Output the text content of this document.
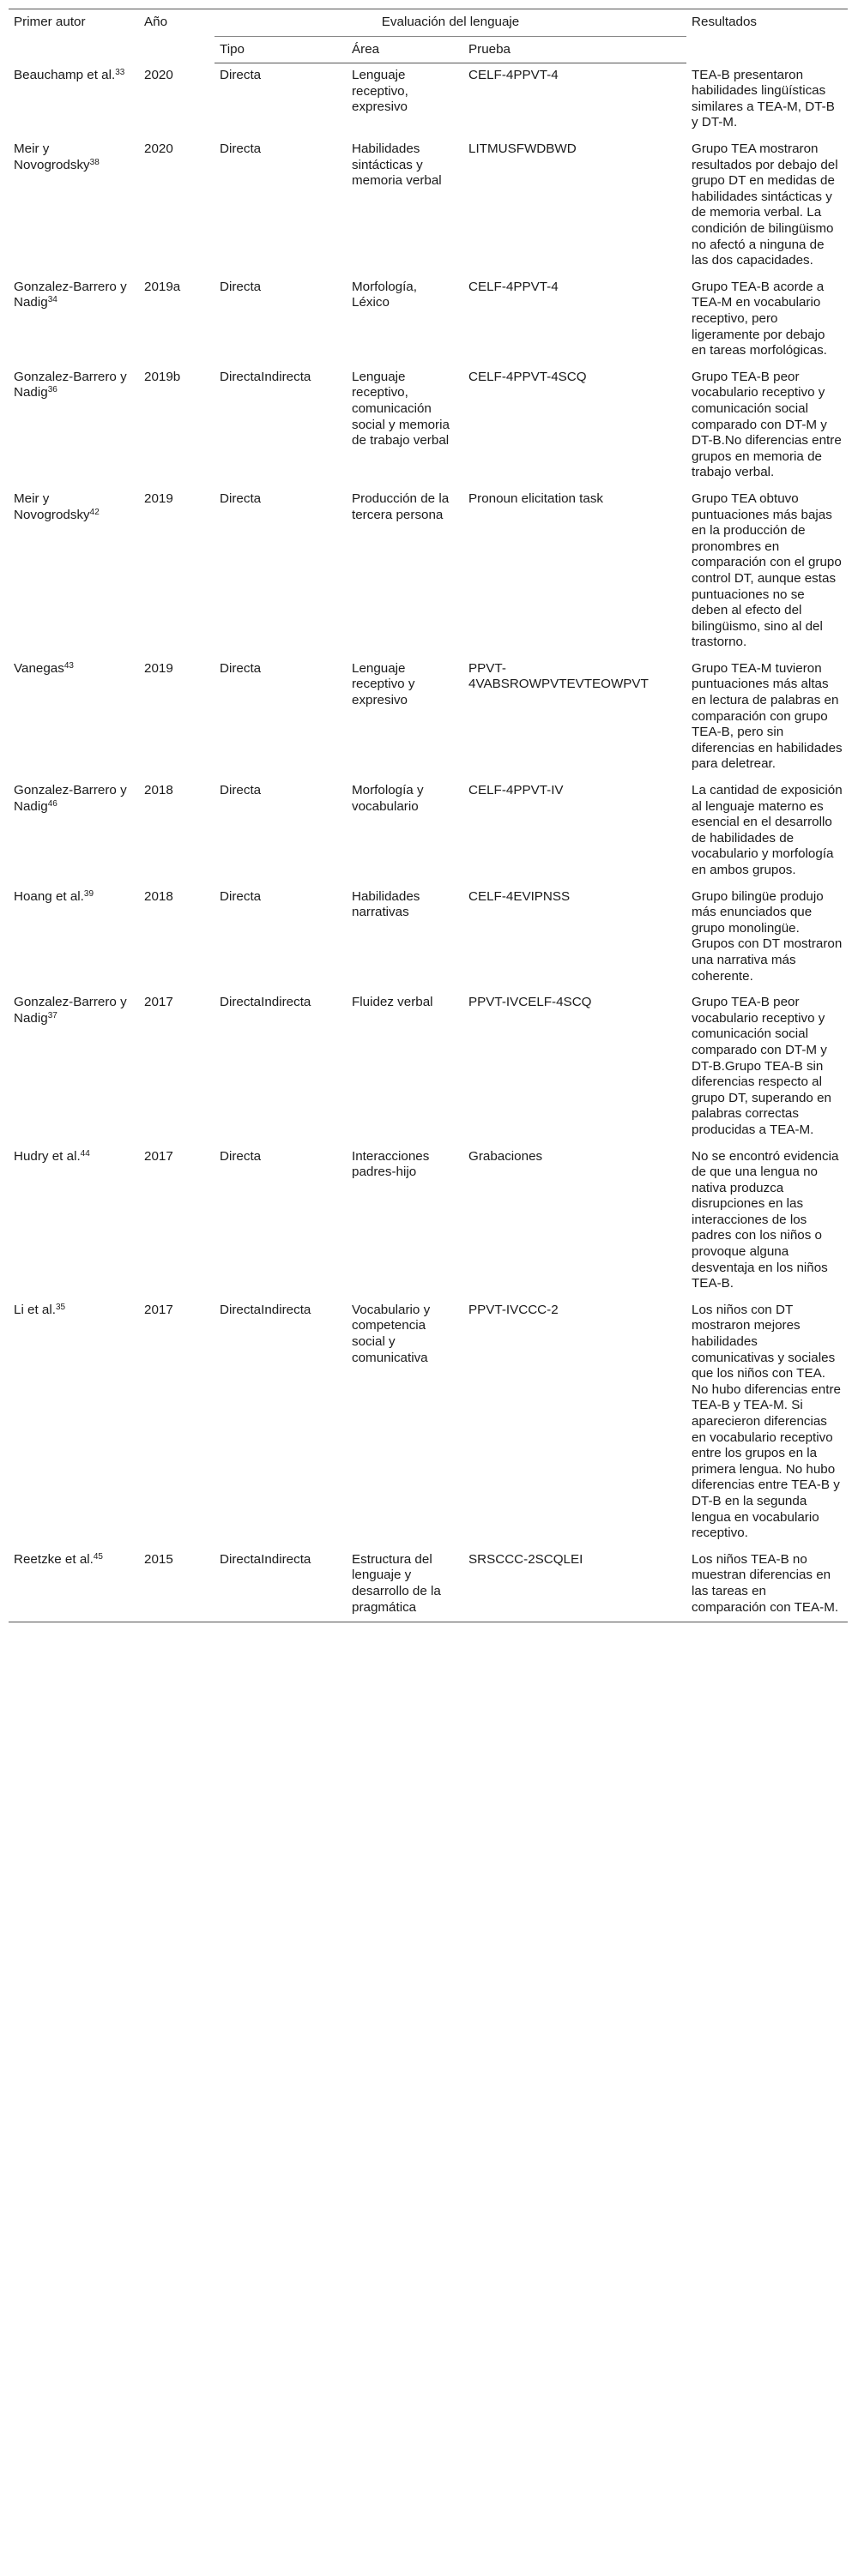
Primer autor	Año	Evaluación del lenguaje			Resultados
		Tipo	Área	Prueba	
Beauchamp et al.$^{33}$	2020	Directa	Lenguaje receptivo, expresivo	CELF-4PPVT-4	TEA-B presentaron habilidades lingüísticas similares a TEA-M, DT-B y DT-M.
Meir y Novogrodsky$^{38}$	2020	Directa	Habilidades sintácticas y memoria verbal	LITMUSFWDBWD	Grupo TEA mostraron resultados por debajo del grupo DT en medidas de habilidades sintácticas y de memoria verbal. La condición de bilingüismo no afectó a ninguna de las dos capacidades.
Gonzalez-Barrero y Nadig$^{34}$	2019a	Directa	Morfología, Léxico	CELF-4PPVT-4	Grupo TEA-B acorde a TEA-M en vocabulario receptivo, pero ligeramente por debajo en tareas morfológicas.
Gonzalez-Barrero y Nadig$^{36}$	2019b	DirectaIndirecta	Lenguaje receptivo, comunicación social y memoria de trabajo verbal	CELF-4PPVT-4SCQ	Grupo TEA-B peor vocabulario receptivo y comunicación social comparado con DT-M y DT-B.No diferencias entre grupos en memoria de trabajo verbal.
Meir y Novogrodsky$^{42}$	2019	Directa	Producción de la tercera persona	Pronoun elicitation task	Grupo TEA obtuvo puntuaciones más bajas en la producción de pronombres en comparación con el grupo control DT, aunque estas puntuaciones no se deben al efecto del bilingüismo, sino al del trastorno.
Vanegas$^{43}$	2019	Directa	Lenguaje receptivo y expresivo	PPVT-4VABSROWPVTEVTEOWPVT	Grupo TEA-M tuvieron puntuaciones más altas en lectura de palabras en comparación con grupo TEA-B, pero sin diferencias en habilidades para deletrear.
Gonzalez-Barrero y Nadig$^{46}$	2018	Directa	Morfología y vocabulario	CELF-4PPVT-IV	La cantidad de exposición al lenguaje materno es esencial en el desarrollo de habilidades de vocabulario y morfología en ambos grupos.
Hoang et al.$^{39}$	2018	Directa	Habilidades narrativas	CELF-4EVIPNSS	Grupo bilingüe produjo más enunciados que grupo monolingüe. Grupos con DT mostraron una narrativa más coherente.
Gonzalez-Barrero y Nadig$^{37}$	2017	DirectaIndirecta	Fluidez verbal	PPVT-IVCELF-4SCQ	Grupo TEA-B peor vocabulario receptivo y comunicación social comparado con DT-M y DT-B.Grupo TEA-B sin diferencias respecto al grupo DT, superando en palabras correctas producidas a TEA-M.
Hudry et al.$^{44}$	2017	Directa	Interacciones padres-hijo	Grabaciones	No se encontró evidencia de que una lengua no nativa produzca disrupciones en las interacciones de los padres con los niños o provoque alguna desventaja en los niños TEA-B.
Li et al.$^{35}$	2017	DirectaIndirecta	Vocabulario y competencia social y comunicativa	PPVT-IVCCC-2	Los niños con DT mostraron mejores habilidades comunicativas y sociales que los niños con TEA. No hubo diferencias entre TEA-B y TEA-M. Si aparecieron diferencias en vocabulario receptivo entre los grupos en la primera lengua. No hubo diferencias entre TEA-B y DT-B en la segunda lengua en vocabulario receptivo.
Reetzke et al.$^{45}$	2015	DirectaIndirecta	Estructura del lenguaje y desarrollo de la pragmática	SRSCCC-2SCQLEI	Los niños TEA-B no muestran diferencias en las tareas en comparación con TEA-M.
